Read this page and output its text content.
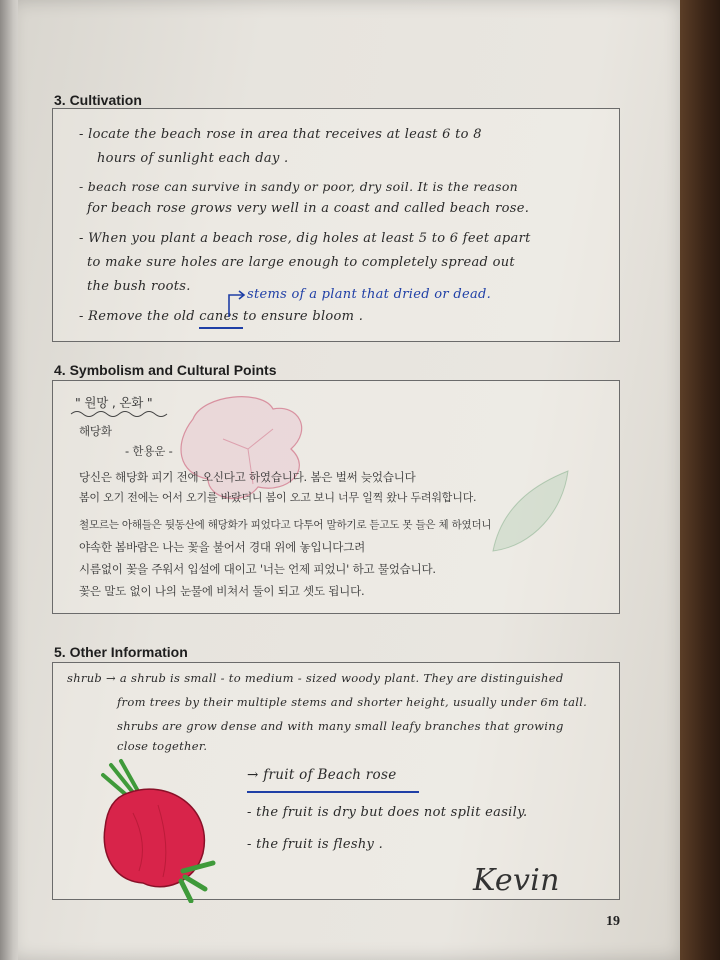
3. Cultivation
- locate the beach rose in area that receives at least 6 to 8
hours of sunlight each day .
- beach rose can survive in sandy or poor, dry soil. It is the reason
for beach rose grows very well in a coast and called beach rose.
- When you plant a beach rose, dig holes at least 5 to 6 feet apart
to make sure holes are large enough to completely spread out
the bush roots.
stems of a plant that dried or dead.
- Remove the old canes to ensure bloom .
4. Symbolism and Cultural Points
" 원망 , 온화 "
해당화
- 한용운 -
당신은 해당화 피기 전에 오신다고 하였습니다. 봄은 벌써 늦었습니다
봄이 오기 전에는 어서 오기를 바랐더니 봄이 오고 보니 너무 일찍 왔나 두려워합니다.
철모르는 아해들은 뒷동산에 해당화가 피었다고 다투어 말하기로 듣고도 못 들은 체 하였더니
야속한 봄바람은 나는 꽃을 불어서 경대 위에 놓입니다그려
시름없이 꽃을 주워서 입설에 대이고 '너는 언제 피었니' 하고 물었습니다.
꽃은 말도 없이 나의 눈물에 비쳐서 둘이 되고 셋도 됩니다.
5. Other Information
shrub → a shrub is small - to medium - sized woody plant. They are distinguished
from trees by their multiple stems and shorter height, usually under 6m tall.
shrubs are grow dense and with many small leafy branches that growing
close together.
→ fruit of Beach rose
- the fruit is dry but does not split easily.
- the fruit is fleshy .
Kevin
19
